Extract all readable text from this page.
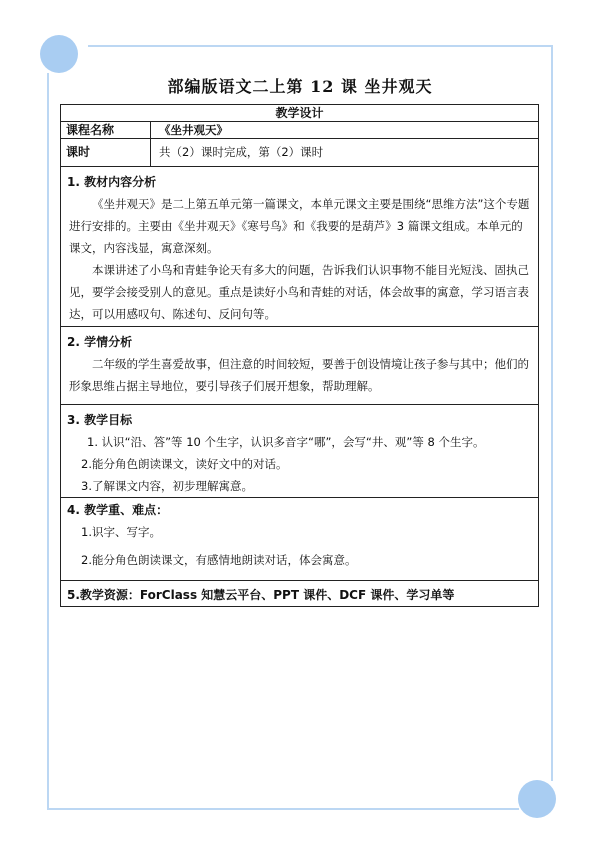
部编版语文二上第 12 课 坐井观天
教学设计	
课程名称	《坐井观天》
课时	共（2）课时完成，第（2）课时

1. 教材内容分析

《坐井观天》是二上第五单元第一篇课文，本单元课文主要是围绕“思维方法”这个专题进行安排的。主要由《坐井观天》《寒号鸟》和《我要的是葫芦》3 篇课文组成。本单元的课文，内容浅显，寓意深刻。

本课讲述了小鸟和青蛙争论天有多大的问题，告诉我们认识事物不能目光短浅、固执己见，要学会接受别人的意见。重点是读好小鸟和青蛙的对话，体会故事的寓意，学习语言表达，可以用感叹句、陈述句、反问句等。	

2. 学情分析

二年级的学生喜爱故事，但注意的时间较短，要善于创设情境让孩子参与其中；他们的形象思维占据主导地位，要引导孩子们展开想象，帮助理解。	

3. 教学目标
1. 认识“沿、答”等 10 个生字，认识多音字“哪”，会写“井、观”等 8 个生字。
2.能分角色朗读课文，读好文中的对话。
3.了解课文内容，初步理解寓意。	

4. 教学重、难点：
1.识字、写字。
2.能分角色朗读课文，有感情地朗读对话，体会寓意。	

5.教学资源：ForClass 知慧云平台、PPT 课件、DCF 课件、学习单等	
